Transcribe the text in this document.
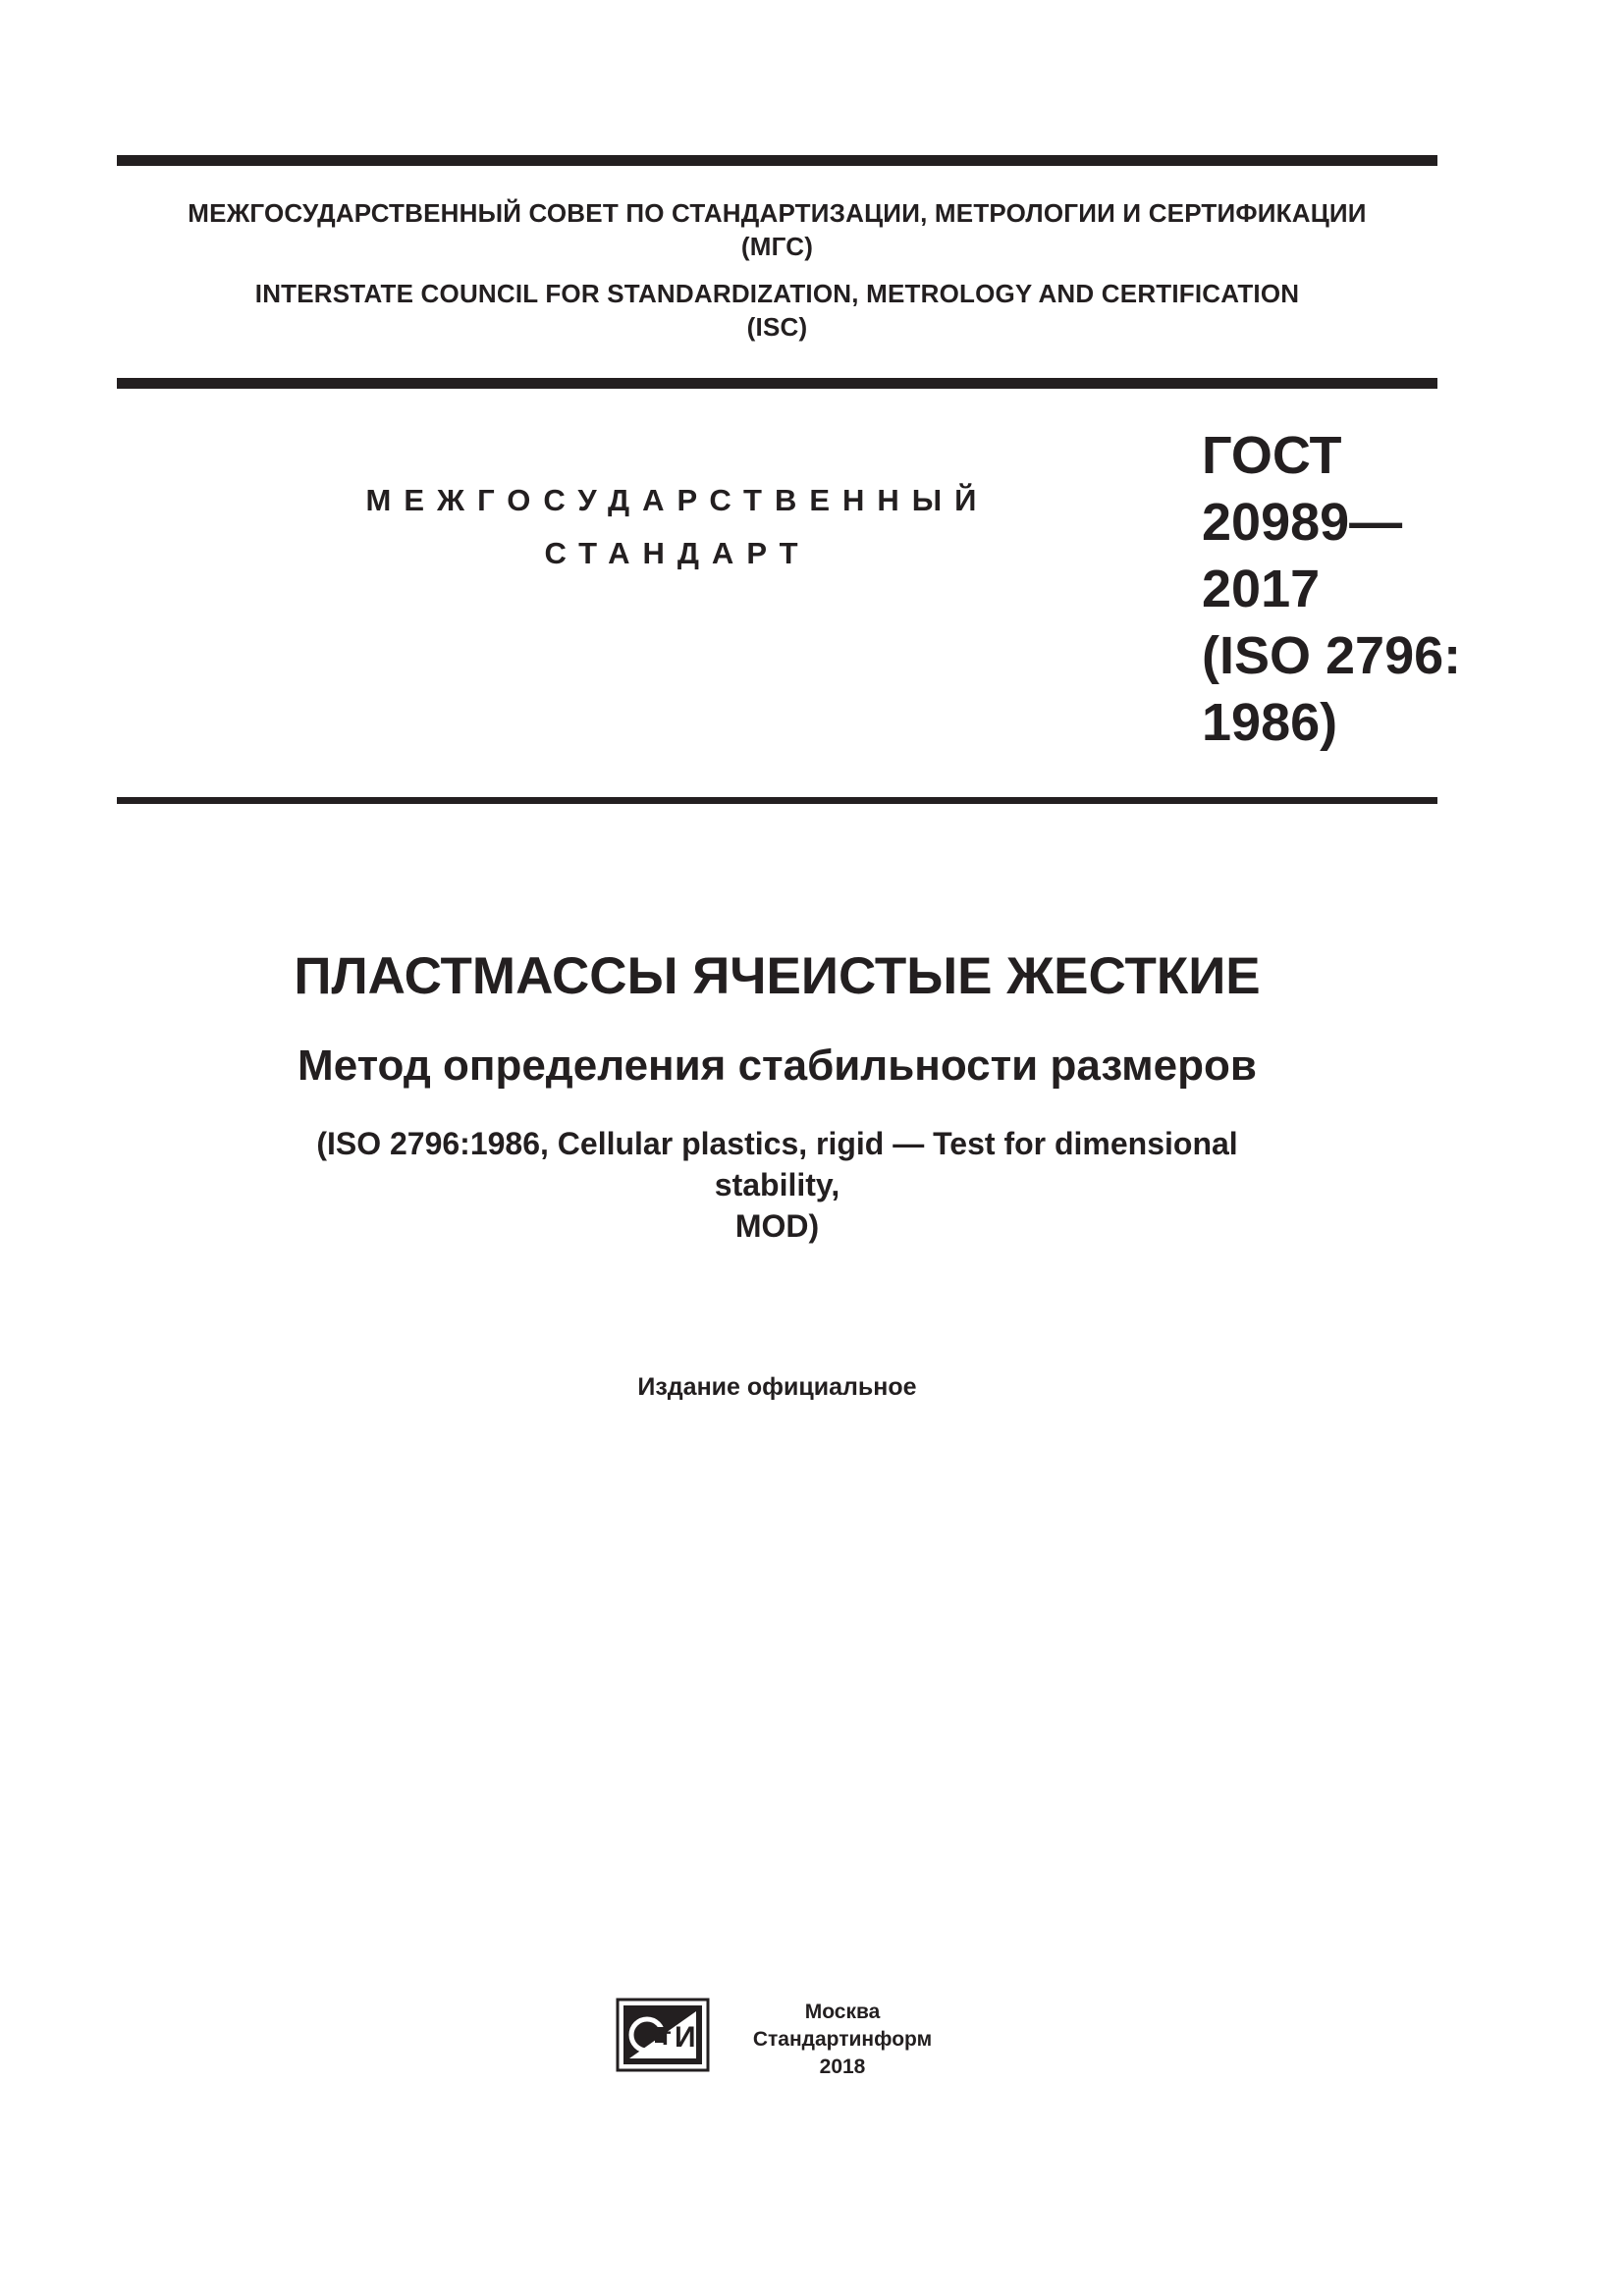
МЕЖГОСУДАРСТВЕННЫЙ СОВЕТ ПО СТАНДАРТИЗАЦИИ, МЕТРОЛОГИИ И СЕРТИФИКАЦИИ
(МГС)
INTERSTATE COUNCIL FOR STANDARDIZATION, METROLOGY AND CERTIFICATION
(ISC)
МЕЖГОСУДАРСТВЕННЫЙ
СТАНДАРТ
ГОСТ
20989—
2017
(ISO 2796:
1986)
ПЛАСТМАССЫ ЯЧЕИСТЫЕ ЖЕСТКИЕ
Метод определения стабильности размеров
(ISO 2796:1986, Cellular plastics, rigid — Test for dimensional stability,
MOD)
Издание официальное
т И
Москва
Стандартинформ
2018
